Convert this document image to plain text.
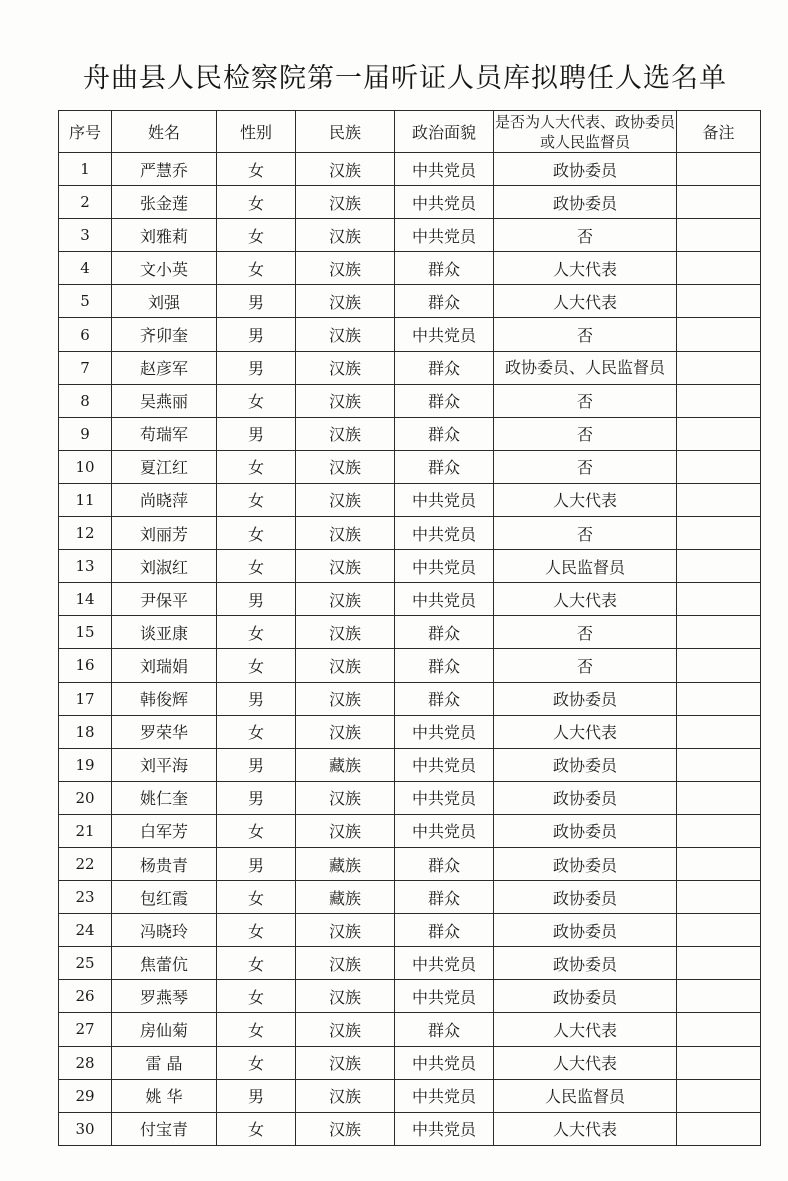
舟曲县人民检察院第一届听证人员库拟聘任人选名单
序号	姓名	性别	民族	政治面貌	是否为人大代表、政协委员或人民监督员	备注
1	严慧乔	女	汉族	中共党员	政协委员	
2	张金莲	女	汉族	中共党员	政协委员	
3	刘雅莉	女	汉族	中共党员	否	
4	文小英	女	汉族	群众	人大代表	
5	刘强	男	汉族	群众	人大代表	
6	齐卯奎	男	汉族	中共党员	否	
7	赵彦军	男	汉族	群众	政协委员、人民监督员	
8	吴燕丽	女	汉族	群众	否	
9	苟瑞军	男	汉族	群众	否	
10	夏江红	女	汉族	群众	否	
11	尚晓萍	女	汉族	中共党员	人大代表	
12	刘丽芳	女	汉族	中共党员	否	
13	刘淑红	女	汉族	中共党员	人民监督员	
14	尹保平	男	汉族	中共党员	人大代表	
15	谈亚康	女	汉族	群众	否	
16	刘瑞娟	女	汉族	群众	否	
17	韩俊辉	男	汉族	群众	政协委员	
18	罗荣华	女	汉族	中共党员	人大代表	
19	刘平海	男	藏族	中共党员	政协委员	
20	姚仁奎	男	汉族	中共党员	政协委员	
21	白军芳	女	汉族	中共党员	政协委员	
22	杨贵青	男	藏族	群众	政协委员	
23	包红霞	女	藏族	群众	政协委员	
24	冯晓玲	女	汉族	群众	政协委员	
25	焦蕾伉	女	汉族	中共党员	政协委员	
26	罗燕琴	女	汉族	中共党员	政协委员	
27	房仙菊	女	汉族	群众	人大代表	
28	雷 晶	女	汉族	中共党员	人大代表	
29	姚 华	男	汉族	中共党员	人民监督员	
30	付宝青	女	汉族	中共党员	人大代表	
